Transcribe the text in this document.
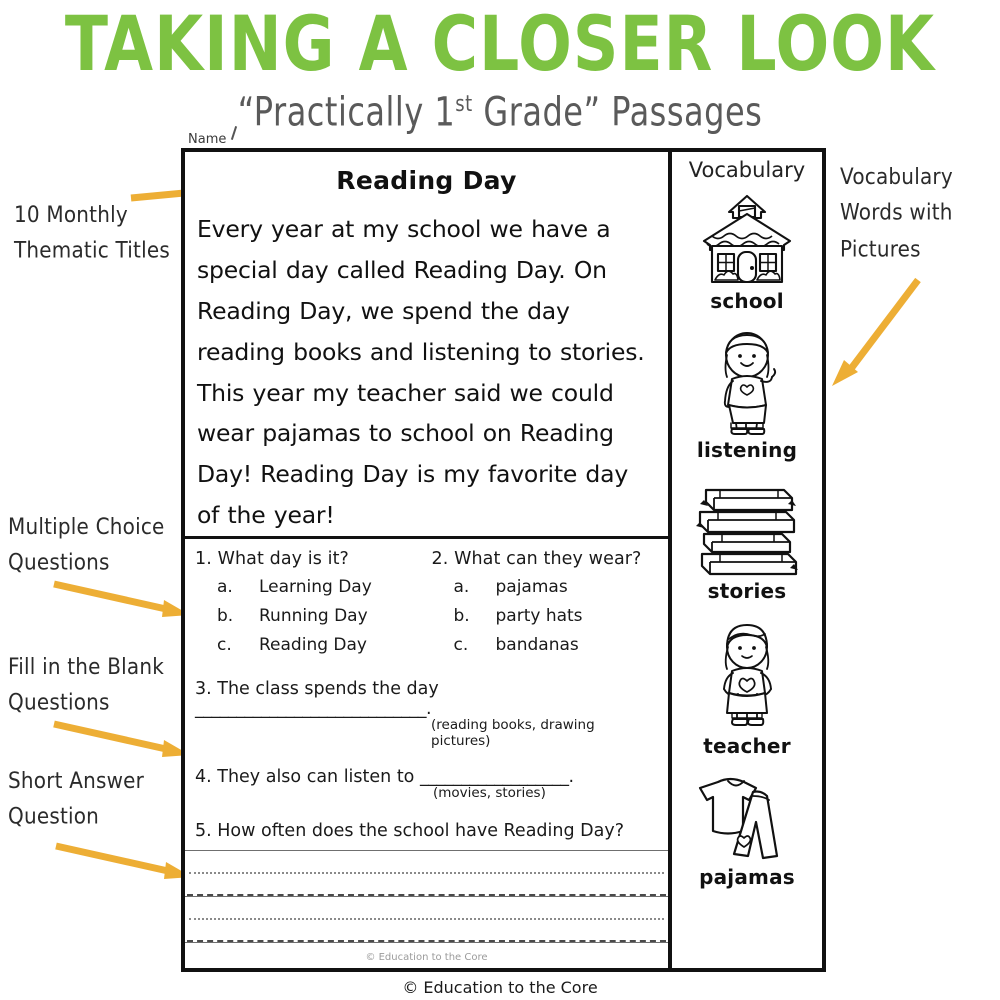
TAKING A CLOSER LOOK
“Practically 1st Grade” Passages
10 Monthly Thematic Titles
Multiple Choice Questions
Fill in the Blank Questions
Short Answer Question
Vocabulary Words with Pictures
Name
Reading Day
Every year at my school we have a special day called Reading Day. On Reading Day, we spend the day reading books and listening to stories. This year my teacher said we could wear pajamas to school on Reading Day! Reading Day is my favorite day of the year!
1. What day is it?
a.	Learning Day
b.	Running Day
c.	Reading Day
2. What can they wear?
a.	pajamas
b.	party hats
c.	bandanas
3. The class spends the day ____________________________.
(reading books, drawing pictures)
4. They also can listen to __________________.
(movies, stories)
5. How often does the school have Reading Day?
© Education to the Core
Vocabulary
school
listening
stories
teacher
pajamas
© Education to the Core
